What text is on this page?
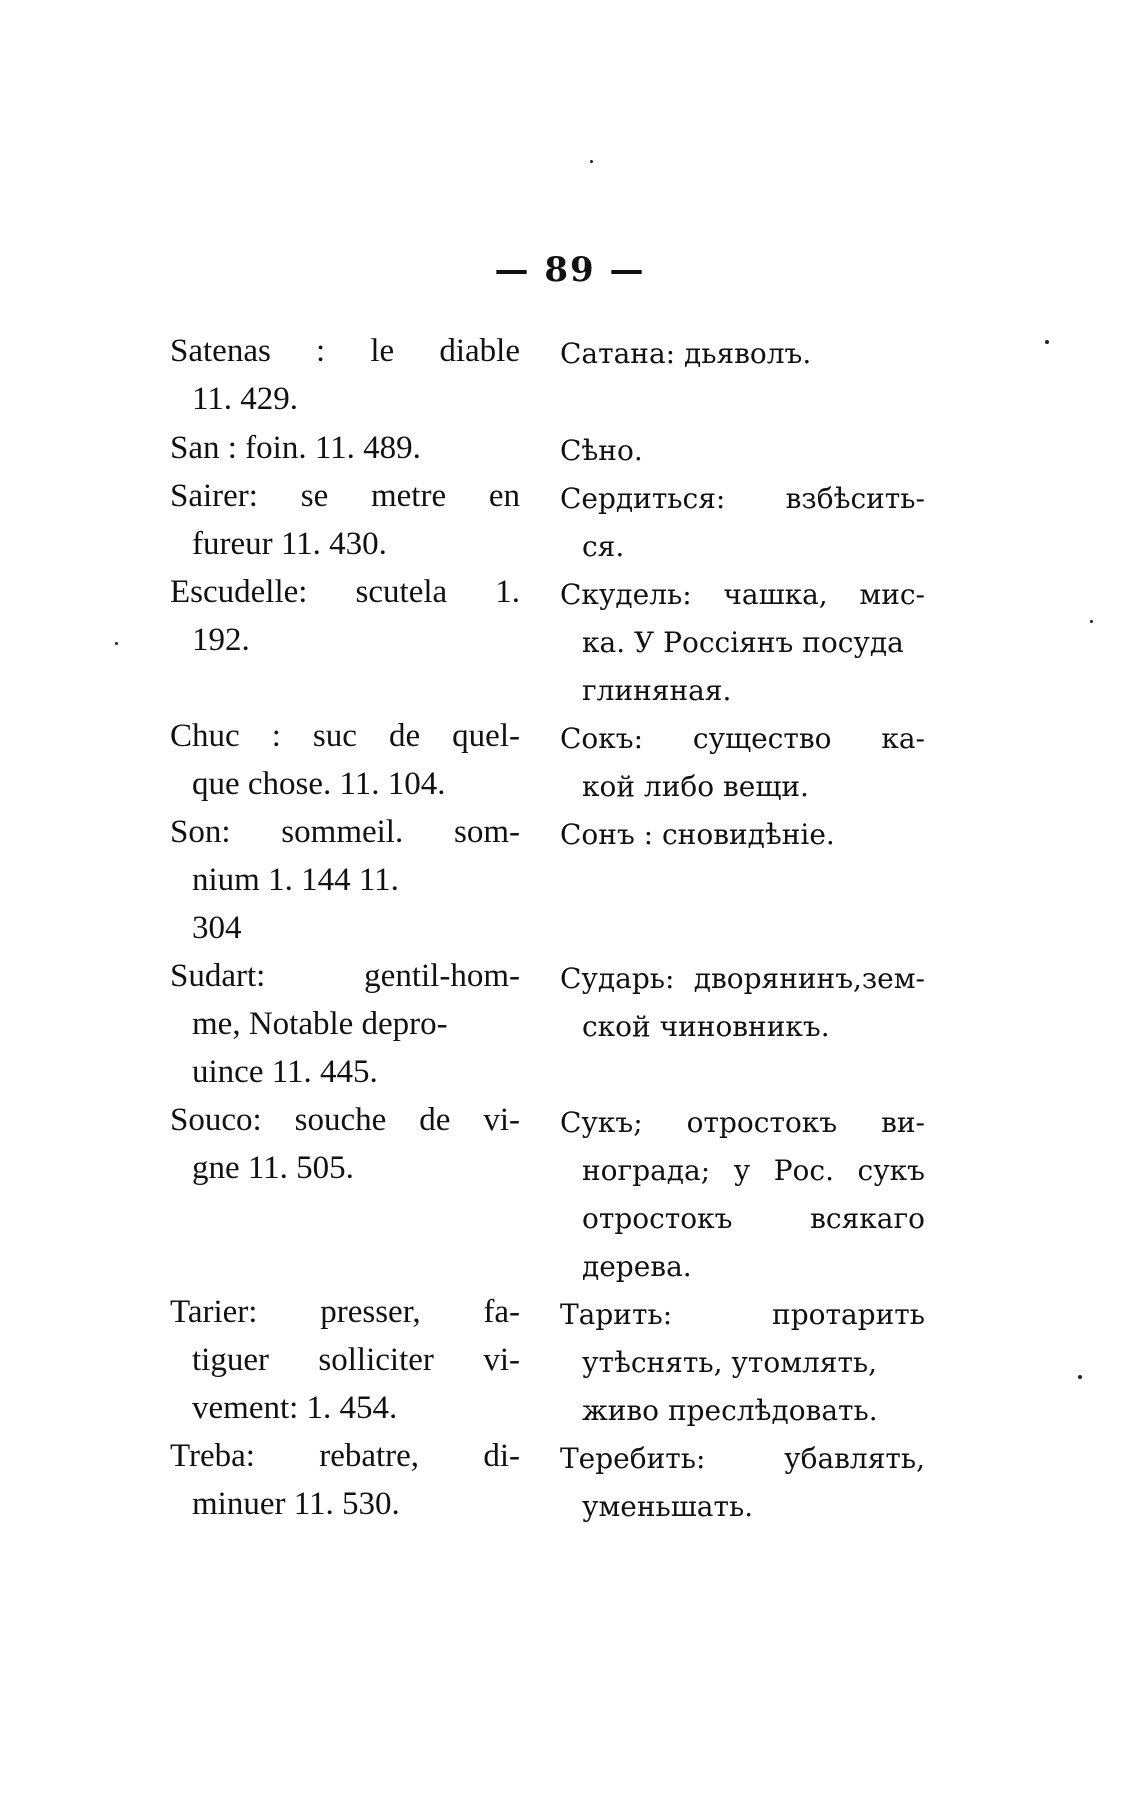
— 89 —
Satenas : le diable
11. 429.
Сатана: дьяволъ.
San : foin. 11. 489.	Сѣно.
Sairer: se metre en
fureur 11. 430.
Сердиться: взбѣсить-
ся.
Escudelle: scutela 1.
192.
Скудель: чашка, мис-
ка. У Россіянъ посуда
глиняная.
Chuc : suc de quel-
que chose. 11. 104.
Сокъ: существо ка-
кой либо вещи.
Son: sommeil. som-
nium 1. 144 11.
304
Сонъ : сновидѣніе.
Sudart: gentil-hom-
me, Notable depro-
uince 11. 445.
Сударь: дворянинъ,зем-
ской чиновникъ.
Souco: souche de vi-
gne 11. 505.
Сукъ; отростокъ ви-
нограда; у Рос. сукъ
отростокъ всякаго
дерева.
Tarier: presser, fa-
tiguer solliciter vi-
vement: 1. 454.
Тарить: протарить
утѣснять, утомлять,
живо преслѣдовать.
Treba: rebatre, di-
minuer 11. 530.
Теребить: убавлять,
уменьшать.
